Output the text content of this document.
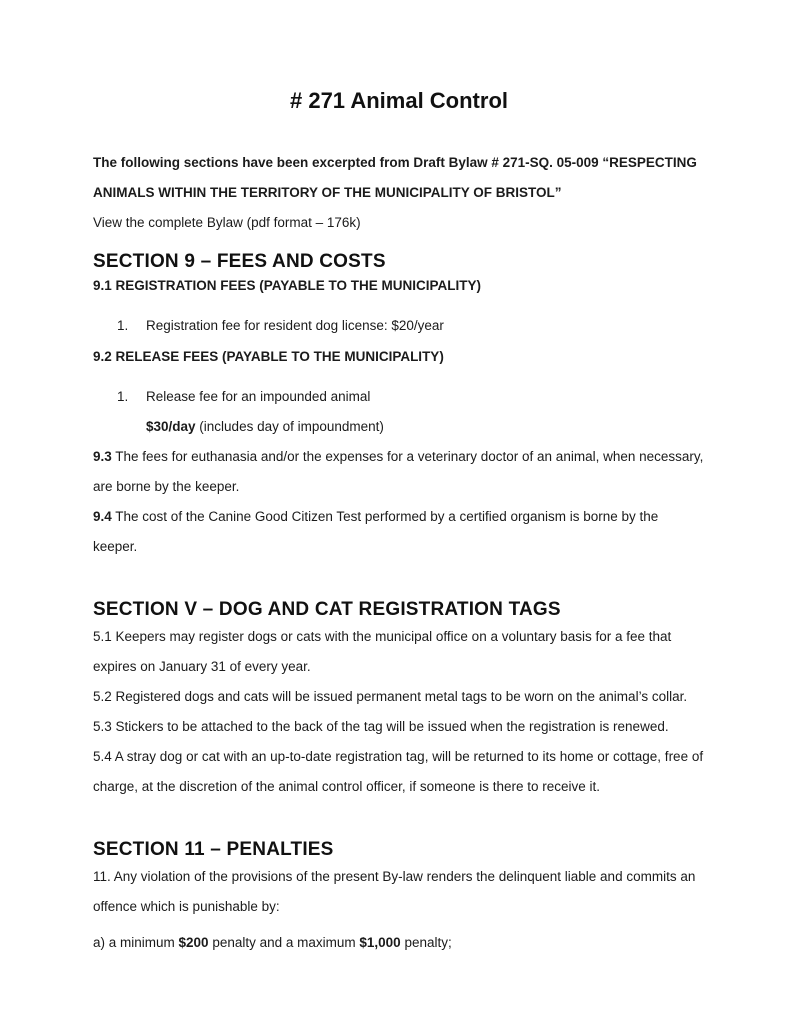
# 271 Animal Control

The following sections have been excerpted from Draft Bylaw # 271-SQ. 05-009 “RESPECTING ANIMALS WITHIN THE TERRITORY OF THE MUNICIPALITY OF BRISTOL”

View the complete Bylaw (pdf format – 176k)

SECTION 9 – FEES AND COSTS
9.1 REGISTRATION FEES (PAYABLE TO THE MUNICIPALITY)
1.	Registration fee for resident dog license: $20/year
9.2 RELEASE FEES (PAYABLE TO THE MUNICIPALITY)
1.	Release fee for an impounded animal

$30/day (includes day of impoundment)

9.3 The fees for euthanasia and/or the expenses for a veterinary doctor of an animal, when necessary, are borne by the keeper.

9.4 The cost of the Canine Good Citizen Test performed by a certified organism is borne by the keeper.

SECTION V – DOG AND CAT REGISTRATION TAGS

5.1 Keepers may register dogs or cats with the municipal office on a voluntary basis for a fee that expires on January 31 of every year.

5.2 Registered dogs and cats will be issued permanent metal tags to be worn on the animal’s collar.

5.3 Stickers to be attached to the back of the tag will be issued when the registration is renewed.

5.4 A stray dog or cat with an up-to-date registration tag, will be returned to its home or cottage, free of charge, at the discretion of the animal control officer, if someone is there to receive it.

SECTION 11 – PENALTIES

11. Any violation of the provisions of the present By-law renders the delinquent liable and commits an offence which is punishable by:

a) a minimum $200 penalty and a maximum $1,000 penalty;
